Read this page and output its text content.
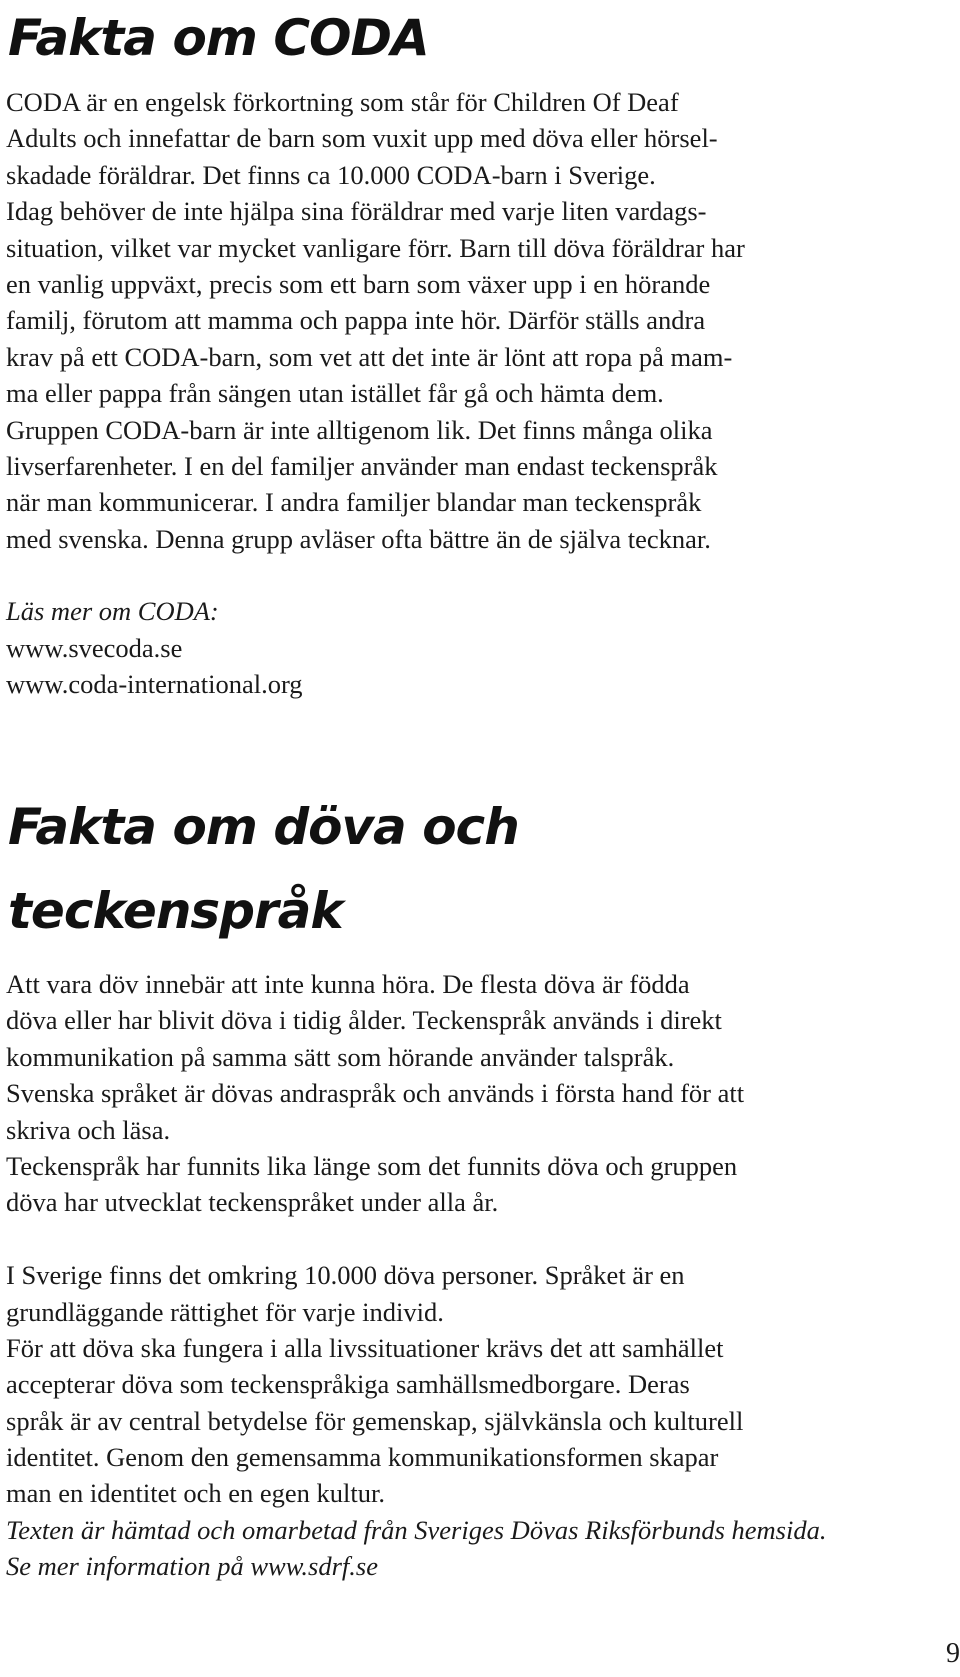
Fakta om CODA
CODA är en engelsk förkortning som står för Children Of Deaf
Adults och innefattar de barn som vuxit upp med döva eller hörsel-
skadade föräldrar. Det finns ca 10.000 CODA-barn i Sverige.
Idag behöver de inte hjälpa sina föräldrar med varje liten vardags-
situation, vilket var mycket vanligare förr. Barn till döva föräldrar har
en vanlig uppväxt, precis som ett barn som växer upp i en hörande
familj, förutom att mamma och pappa inte hör. Därför ställs andra
krav på ett CODA-barn, som vet att det inte är lönt att ropa på mam-
ma eller pappa från sängen utan istället får gå och hämta dem.
Gruppen CODA-barn är inte alltigenom lik. Det finns många olika
livserfarenheter. I en del familjer använder man endast teckenspråk
när man kommunicerar. I andra familjer blandar man teckenspråk
med svenska. Denna grupp avläser ofta bättre än de själva tecknar.
Läs mer om CODA:
www.svecoda.se
www.coda-international.org
Fakta om döva och
teckenspråk
Att vara döv innebär att inte kunna höra. De flesta döva är födda
döva eller har blivit döva i tidig ålder. Teckenspråk används i direkt
kommunikation på samma sätt som hörande använder talspråk.
Svenska språket är dövas andraspråk och används i första hand för att
skriva och läsa.
Teckenspråk har funnits lika länge som det funnits döva och gruppen
döva har utvecklat teckenspråket under alla år.
I Sverige finns det omkring 10.000 döva personer. Språket är en
grundläggande rättighet för varje individ.
För att döva ska fungera i alla livssituationer krävs det att samhället
accepterar döva som teckenspråkiga samhällsmedborgare. Deras
språk är av central betydelse för gemenskap, självkänsla och kulturell
identitet. Genom den gemensamma kommunikationsformen skapar
man en identitet och en egen kultur.
Texten är hämtad och omarbetad från Sveriges Dövas Riksförbunds hemsida.
Se mer information på www.sdrf.se
9
